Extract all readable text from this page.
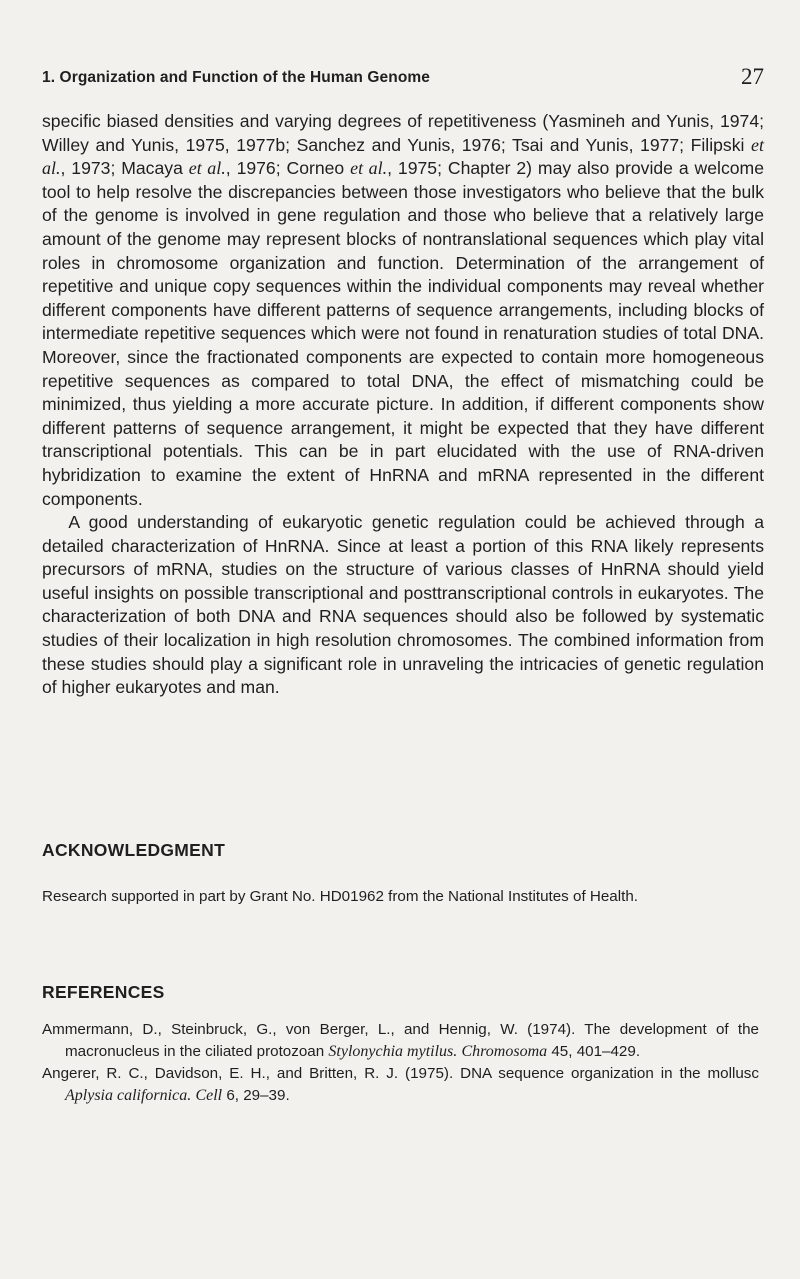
1. Organization and Function of the Human Genome	27

specific biased densities and varying degrees of repetitiveness (Yasmineh and Yunis, 1974; Willey and Yunis, 1975, 1977b; Sanchez and Yunis, 1976; Tsai and Yunis, 1977; Filipski et al., 1973; Macaya et al., 1976; Corneo et al., 1975; Chapter 2) may also provide a welcome tool to help resolve the discrepancies between those investigators who believe that the bulk of the genome is involved in gene regulation and those who believe that a relatively large amount of the genome may represent blocks of nontranslational sequences which play vital roles in chromosome organization and function. Determination of the arrangement of repetitive and unique copy sequences within the individual components may reveal whether different components have different patterns of sequence arrangements, including blocks of intermediate repetitive sequences which were not found in renaturation studies of total DNA. Moreover, since the fractionated components are expected to contain more homogeneous repetitive sequences as compared to total DNA, the effect of mismatching could be minimized, thus yielding a more accurate picture. In addition, if different components show different patterns of sequence arrangement, it might be expected that they have different transcriptional potentials. This can be in part elucidated with the use of RNA-driven hybridization to examine the extent of HnRNA and mRNA represented in the different components.

A good understanding of eukaryotic genetic regulation could be achieved through a detailed characterization of HnRNA. Since at least a portion of this RNA likely represents precursors of mRNA, studies on the structure of various classes of HnRNA should yield useful insights on possible transcriptional and posttranscriptional controls in eukaryotes. The characterization of both DNA and RNA sequences should also be followed by systematic studies of their localization in high resolution chromosomes. The combined information from these studies should play a significant role in unraveling the intricacies of genetic regulation of higher eukaryotes and man.

ACKNOWLEDGMENT
Research supported in part by Grant No. HD01962 from the National Institutes of Health.
REFERENCES

Ammermann, D., Steinbruck, G., von Berger, L., and Hennig, W. (1974). The development of the macronucleus in the ciliated protozoan Stylonychia mytilus. Chromosoma 45, 401–429.

Angerer, R. C., Davidson, E. H., and Britten, R. J. (1975). DNA sequence organization in the mollusc Aplysia californica. Cell 6, 29–39.
